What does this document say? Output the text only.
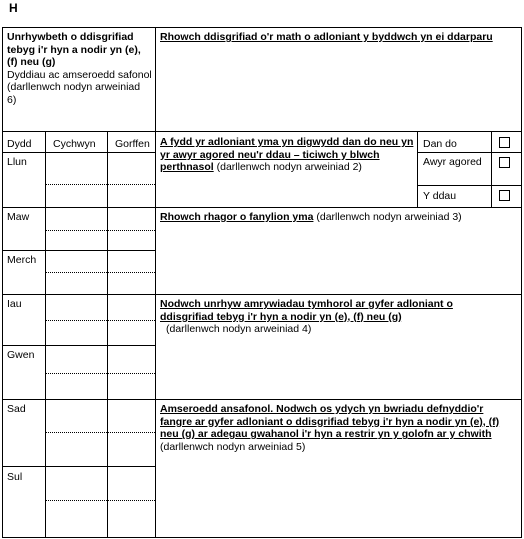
H
Unrhywbeth o ddisgrifiad tebyg i'r hyn a nodir yn (e), (f) neu (g)
Dyddiau ac amseroedd safonol (darllenwch nodyn arweiniad 6)
Rhowch ddisgrifiad o'r math o adloniant y byddwch yn ei ddarparu
Dydd Cychwyn Gorffen
Llun
Maw
Merch
Iau
Gwen
Sad
Sul
A fydd yr adloniant yma yn digwydd dan do neu yn yr awyr agored neu'r ddau – ticiwch y blwch perthnasol (darllenwch nodyn arweiniad 2)
Dan do
Awyr agored
Y ddau
Rhowch rhagor o fanylion yma (darllenwch nodyn arweiniad 3)
Nodwch unrhyw amrywiadau tymhorol ar gyfer adloniant o ddisgrifiad tebyg i'r hyn a nodir yn (e), (f) neu (g)
(darllenwch nodyn arweiniad 4)
Amseroedd ansafonol. Nodwch os ydych yn bwriadu defnyddio'r fangre ar gyfer adloniant o ddisgrifiad tebyg i'r hyn a nodir yn (e), (f) neu (g) ar adegau gwahanol i'r hyn a restrir yn y golofn ar y chwith (darllenwch nodyn arweiniad 5)
